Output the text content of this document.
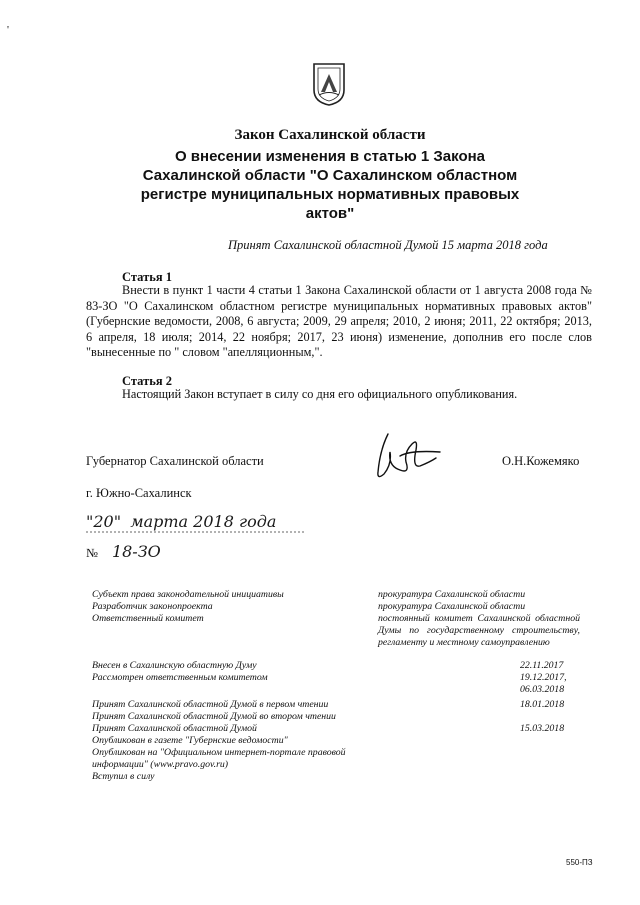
'
Закон Сахалинской области
О внесении изменения в статью 1 Закона
Сахалинской области "О Сахалинском областном
регистре муниципальных нормативных правовых
актов"
Принят Сахалинской областной Думой 15 марта 2018 года
Статья 1
Внести в пункт 1 части 4 статьи 1 Закона Сахалинской области от 1 августа 2008 года № 83-ЗО "О Сахалинском областном регистре муниципальных нормативных правовых актов" (Губернские ведомости, 2008, 6 августа; 2009, 29 апреля; 2010, 2 июня; 2011, 22 октября; 2013, 6 апреля, 18 июля; 2014, 22 ноября; 2017, 23 июня) изменение, дополнив его после слов "вынесенные по " словом "апелляционным,".
Статья 2
Настоящий Закон вступает в силу со дня его официального опубликования.
Губернатор Сахалинской области	О.Н.Кожемяко
г. Южно-Сахалинск
"20" марта 2018 года
№ 18-ЗО
Субъект права законодательной инициативы	прокуратура Сахалинской области
Разработчик законопроекта	прокуратура Сахалинской области
Ответственный комитет	постоянный комитет Сахалинской областной Думы по государственному строительству, регламенту и местному самоуправлению
Внесен в Сахалинскую областную Думу	22.11.2017
Рассмотрен ответственным комитетом	19.12.2017,
06.03.2018
Принят Сахалинской областной Думой в первом чтении	18.01.2018
Принят Сахалинской областной Думой во втором чтении
Принят Сахалинской областной Думой	15.03.2018
Опубликован в газете "Губернские ведомости"
Опубликован на "Официальном интернет-портале правовой информации" (www.pravo.gov.ru)
Вступил в силу
550-ПЗ
